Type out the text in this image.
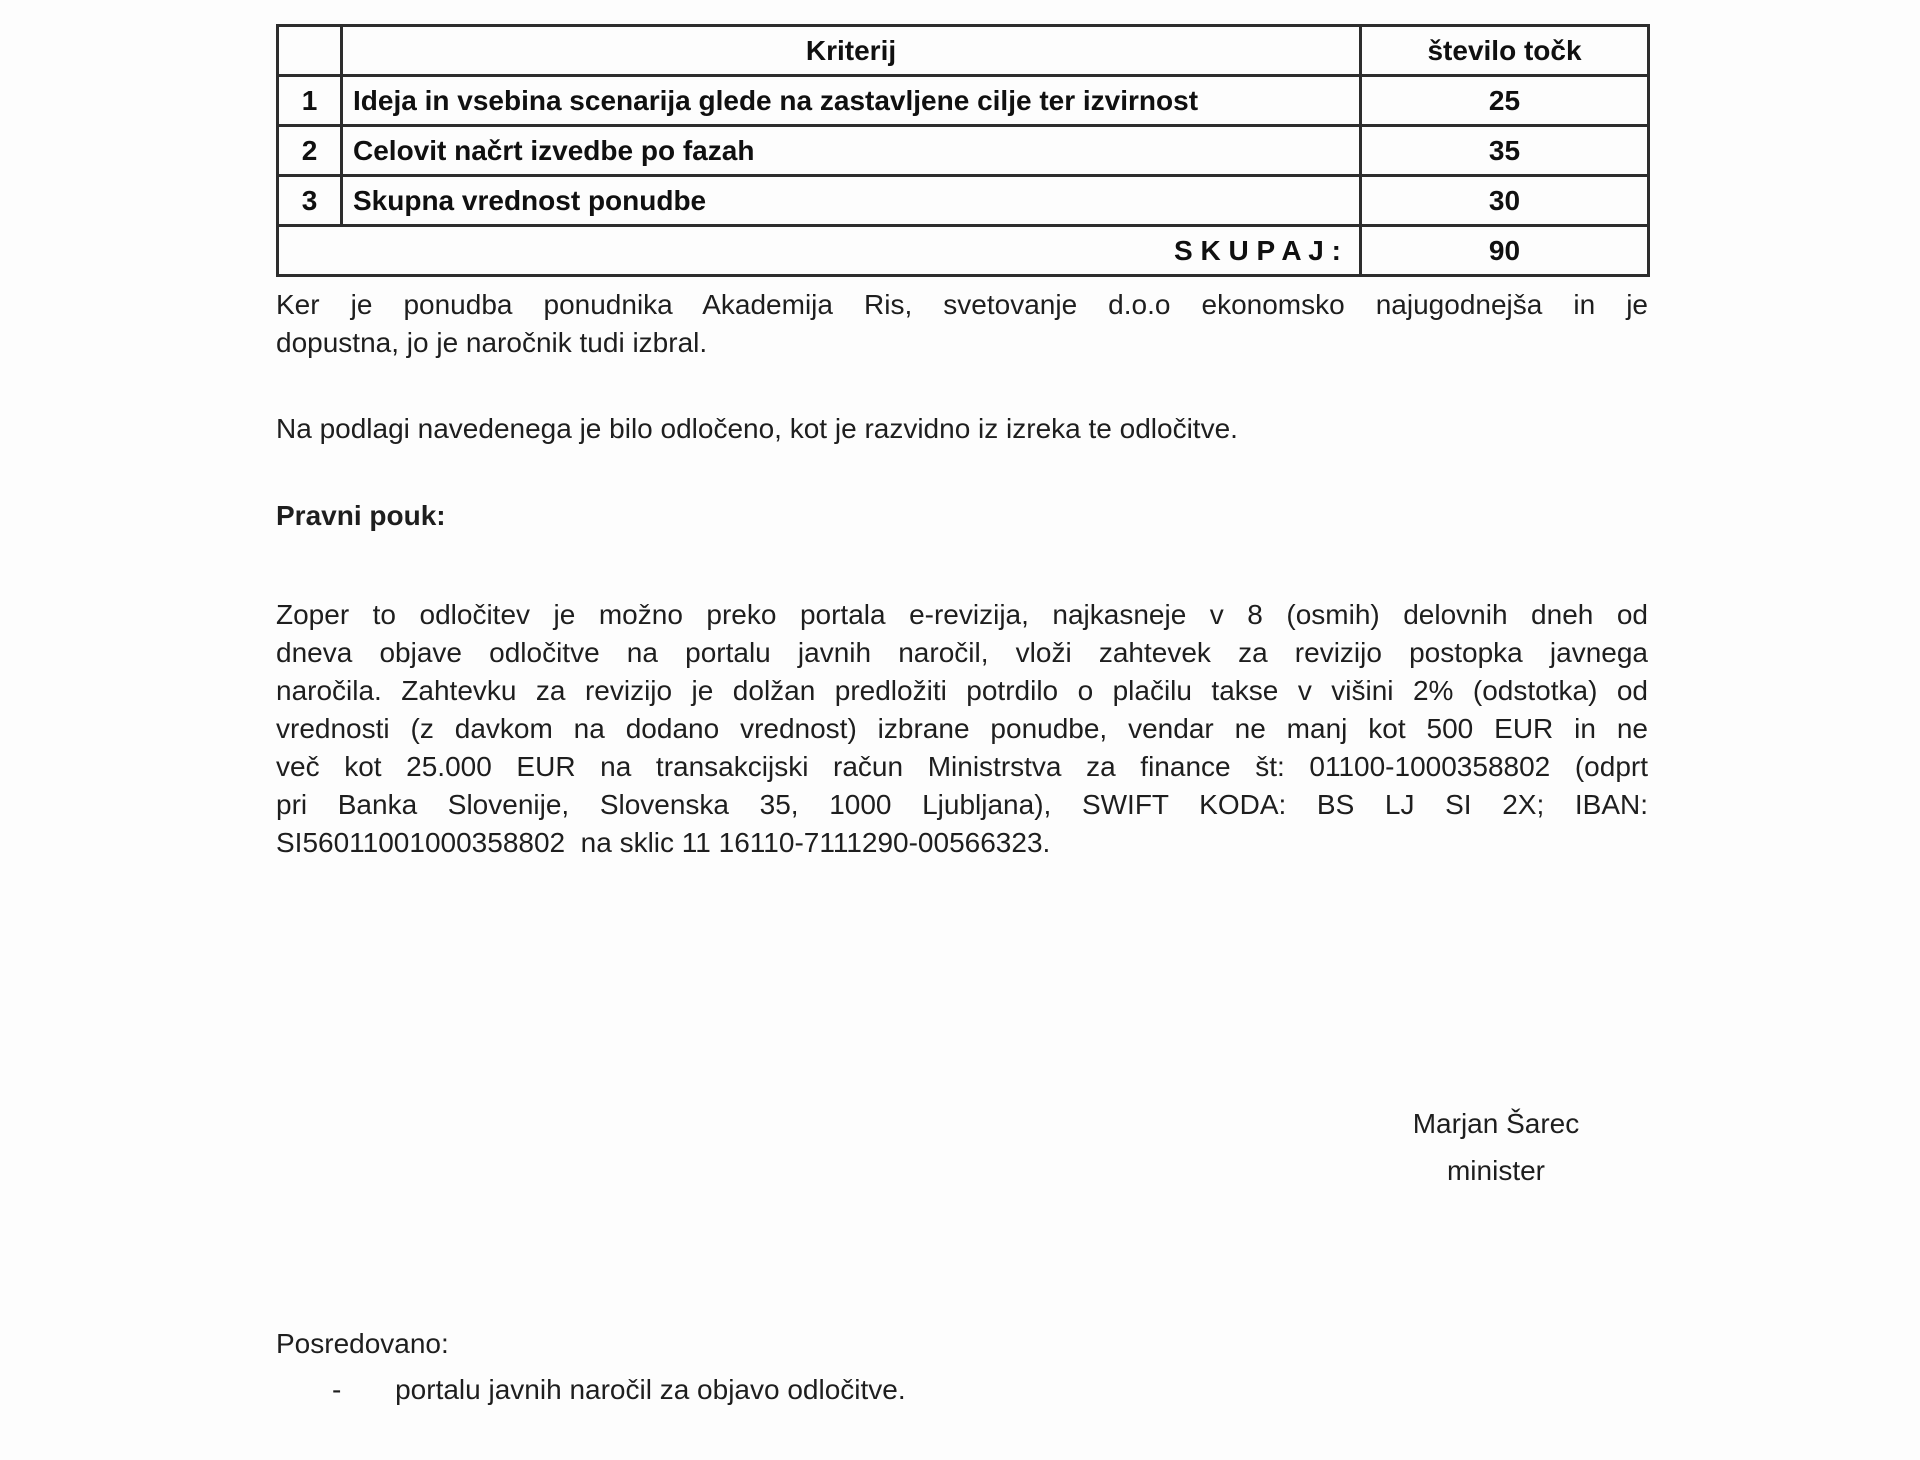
	Kriterij	število točk
1	Ideja in vsebina scenarija glede na zastavljene cilje ter izvirnost	25
2	Celovit načrt izvedbe po fazah	35
3	Skupna vrednost ponudbe	30
S K U P A J :		90
Ker je ponudba ponudnika Akademija Ris, svetovanje d.o.o ekonomsko najugodnejša in je
dopustna, jo je naročnik tudi izbral.
Na podlagi navedenega je bilo odločeno, kot je razvidno iz izreka te odločitve.
Pravni pouk:
Zoper to odločitev je možno preko portala e-revizija, najkasneje v 8 (osmih) delovnih dneh od
dneva objave odločitve na portalu javnih naročil, vloži zahtevek za revizijo postopka javnega
naročila. Zahtevku za revizijo je dolžan predložiti potrdilo o plačilu takse v višini 2% (odstotka) od
vrednosti (z davkom na dodano vrednost) izbrane ponudbe, vendar ne manj kot 500 EUR in ne
več kot 25.000 EUR na transakcijski račun Ministrstva za finance št: 01100-1000358802 (odprt
pri Banka Slovenije, Slovenska 35, 1000 Ljubljana), SWIFT KODA: BS LJ SI 2X; IBAN:
SI56011001000358802  na sklic 11 16110-7111290-00566323.
Marjan Šarec
minister
Posredovano:
- portalu javnih naročil za objavo odločitve.
